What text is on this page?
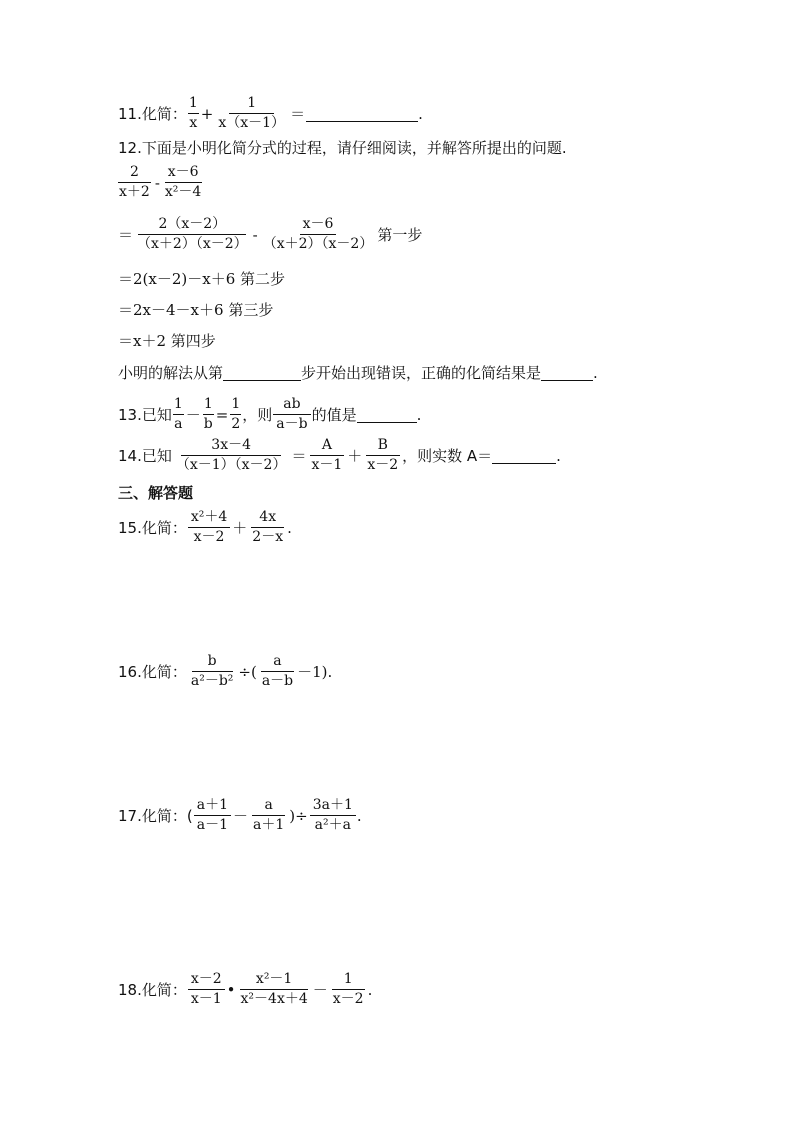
11.化简： $\frac{1}{x} + \frac{1}{x(x-1)}$ ＝	.
12.下面是小明化简分式的过程，请仔细阅读，并解答所提出的问题.
$\frac{2}{x+2} - \frac{x-6}{\text{x²－4}}$
＝ $\frac{2(x-2)}{(x+2)(x-2)} - \frac{x-6}{(x+2)(x-2)}$ 第一步
＝2(x－2)－x＋6 第二步
＝2x－4－x＋6 第三步
＝x＋2 第四步
小明的解法从第	步开始出现错误，正确的化简结果是	.
13.已知 $\frac{1}{a} - \frac{1}{b} = \frac{1}{2}$ ，则 $\frac{ab}{a-b}$ 的值是	.
14.已知 $\frac{3x-4}{(x-1)(x-2)} = \frac{A}{x-1} + \frac{B}{x-2}$ ，则实数 A＝	.
三、解答题
15.化简： $\frac{\text{x²＋4}}{x-2} + \frac{4x}{2-x}$ .
16.化简： $\frac{b}{\text{a²－b²}}$ ÷( $\frac{a}{a-b} -1$).
17.化简：( $\frac{a+1}{a-1} - \frac{a}{a+1}$ )÷ $\frac{3a+1}{\text{a²＋a}}$ .
18.化简： $\frac{x-2}{x-1}$ • $\frac{\text{x²－1}}{\text{x²－4x＋4}} - \frac{1}{x-2}$ .
